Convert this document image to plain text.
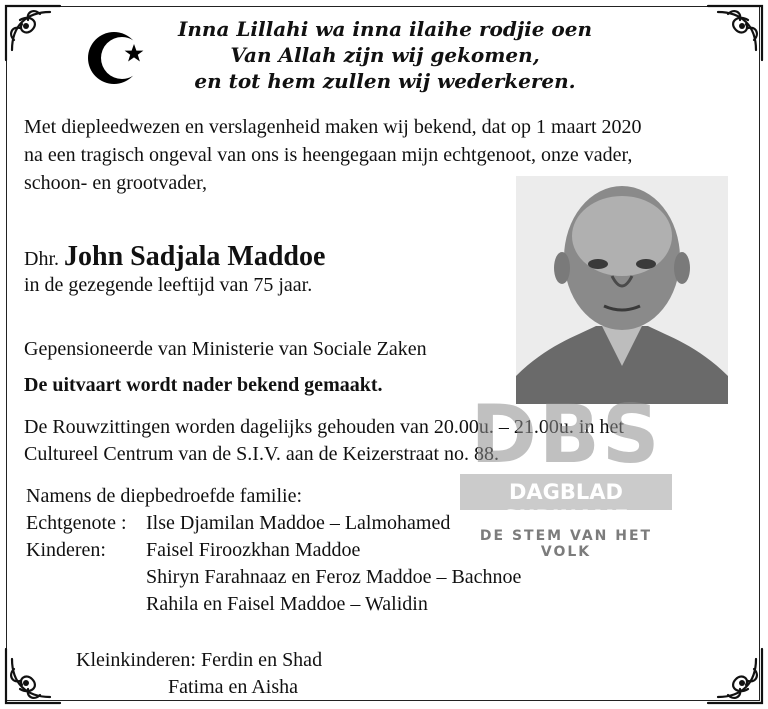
Inna Lillahi wa inna ilaihe rodjie oen
Van Allah zijn wij gekomen,
en tot hem zullen wij wederkeren.
Met diepleedwezen en verslagenheid maken wij bekend, dat op 1 maart 2020
na een tragisch ongeval van ons is heengegaan mijn echtgenoot, onze vader,
schoon- en grootvader,
Dhr. John Sadjala Maddoe
in de gezegende leeftijd van 75 jaar.
Gepensioneerde van Ministerie van Sociale Zaken
De uitvaart wordt nader bekend gemaakt.
De Rouwzittingen worden dagelijks gehouden van 20.00u. – 21.00u. in het
Cultureel Centrum van de S.I.V. aan de Keizerstraat no. 88.
DBS
DAGBLAD SURINAME
DE STEM VAN HET VOLK
Namens de diepbedroefde familie:
Echtgenote : Ilse Djamilan Maddoe – Lalmohamed
Kinderen: Faisel Firoozkhan Maddoe
Shiryn Farahnaaz en Feroz Maddoe – Bachnoe
Rahila en Faisel Maddoe – Walidin
Kleinkinderen: Ferdin en Shad
Fatima en Aisha
